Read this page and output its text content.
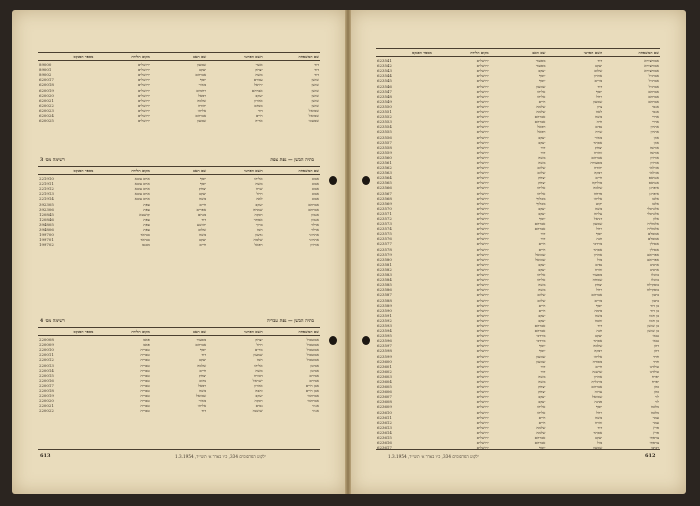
שם המשפחה
השם הפרטי
שם האב
מקום הלידה
מספר הפנקס
דוד
אשר
שמעון
ירושלים
89000
דוד
יצחק
יעקב
ירושלים
89001
דוד
משה
אברהם
ירושלים
89002
שושן
עמרם
יוסף
ירושלים
620017
שושן
יחיאל
מאיר
ירושלים
620018
שושן
אברהם
רחמים
ירושלים
620019
שושן
יעקב
רפאל
ירושלים
620020
שושן
אהרון
שלמה
ירושלים
620021
שושן
מנחם
יהודה
ירושלים
620022
שמואל
דוד
אליהו
ירושלים
620023
שמואל
חיים
אברהם
ירושלים
620024
שמעוני
אריה
שמעון
ירושלים
620025
בתיה הבשן — נפת צפת
רשימה מס׳ 3
שם המשפחה
השם הפרטי
שם האב
מקום הלידה
מספר הפנקס
אבוב
אליהו
יוסף
ארם צובא
221910
אבוב
משה
יוסף
ארם צובא
221911
אבוב
שרה
יצחק
ארם צובא
221912
אבוב
רחל
יעקב
ארם צובא
221913
אבוב
לאה
משה
ארם צובא
221914
אברהם
יעקב
חיים
צפת
392305
אברהם
שמחה
אפרים
צפת
392306
אגמון
רבקה
מנחם
קושטא
120845
אגמון
אסתר
דוד
צפת
120846
אדלר
ברוך
יהושע
צפת
394805
אדלר
חנה
שלום
צפת
394806
אהרוני
גדעון
משה
בגדאד
199700
אהרוני
שלמה
יעקב
בגדאד
199701
אוחיון
רפאל
חיים
מכנס
199702
בתיה הבשן — נפת טבריה
רשימה מס׳ 4
שם המשפחה
השם הפרטי
שם האב
מקום הלידה
מספר הפנקס
אבוטבול
יצחק
מסעוד
פאס
220008
אבוטבול
רחל
אברהם
פאס
220009
אבוטבול
מרים
יוסף
טבריה
220010
אבוטבול
שמעון
דוד
טבריה
220011
אבוטבול
חנה
יעקב
טבריה
220012
אביטן
אליהו
שלמה
טבריה
220013
אביטן
משה
חיים
טבריה
220014
אבירם
דבורה
יצחק
טבריה
220015
אבירם
ישראל
נחום
טבריה
220016
אבן חיים
אהרון
רפאל
טבריה
220017
אבן חיים
זהבה
משה
טבריה
220018
אברהמי
יעקב
שמואל
טבריה
220019
אברהמי
רבקה
מאיר
טבריה
220020
אגוזי
נסים
אליהו
טבריה
220021
אגוזי
שושנה
דוד
טבריה
220022
613	ילקוט הפרסומים 334, כ״ו באדר א׳ תשי״ד, 1.3.1954
שם המשפחה
השם הפרטי
שם האב
מקום הלידה
מספר הפנקס
אבוחצירא
דוד
מסעוד
ירושלים
623541
אבוחצירא
יעקב
מסעוד
ירושלים
623542
אבוחצירא
שלום
יעקב
ירושלים
623543
אברגיל
אהרון
יוסף
ירושלים
623544
אברגיל
מרים
יוסף
ירושלים
623545
אברגיל
דוד
שמעון
ירושלים
623546
אברהם
יוסף
אליהו
ירושלים
623547
אברהם
רחל
אליהו
ירושלים
623548
אברהם
שמעון
חיים
ירושלים
623549
אגסי
ציון
שלמה
ירושלים
623550
אגסי
לאה
שלמה
ירושלים
623551
אדרי
משה
אברהם
ירושלים
623552
אדרי
חיה
אברהם
ירושלים
623553
אהרון
נסים
רפאל
ירושלים
623554
אהרון
שרה
רפאל
ירושלים
623555
אוזן
מאיר
יעקב
ירושלים
623556
אוזן
אסתר
יעקב
ירושלים
623557
אוחנה
יצחק
דוד
ירושלים
623558
אוחנה
זוהרה
דוד
ירושלים
623559
אוחיון
אברהם
משה
ירושלים
623560
אוחיון
מסעודה
משה
ירושלים
623561
אזולאי
יהודה
שלום
ירושלים
623562
אזולאי
רבקה
שלום
ירושלים
623563
אטיאס
חיים
יצחק
ירושלים
623564
אטיאס
סוליקה
יצחק
ירושלים
623565
איפרגן
שלמה
אליהו
ירושלים
623566
איפרגן
פרחה
אליהו
ירושלים
623567
אלבז
אליהו
מכלוף
ירושלים
623568
אלבז
יקוט
מכלוף
ירושלים
623569
אלגרבלי
משה
יעקב
ירושלים
623570
אלגרבלי
עליזה
יעקב
ירושלים
623571
אלון
דניאל
יוסף
ירושלים
623572
אלמליח
שמעון
אברהם
ירושלים
623573
אלמליח
רחל
אברהם
ירושלים
623574
אמסלם
יוסף
דוד
ירושלים
623575
אמסלם
חנה
דוד
ירושלים
623576
אסולין
מרדכי
חיים
ירושלים
623577
אסולין
אסתר
חיים
ירושלים
623578
אפריאט
אהרון
שמואל
ירושלים
623579
אפריאט
מזל
שמואל
ירושלים
623580
ארביב
נסים
יעקב
ירושלים
623581
ארביב
זהרה
יעקב
ירושלים
623582
בוזגלו
מסעוד
אליהו
ירושלים
623583
בוזגלו
שמחה
אליהו
ירושלים
623584
בוסקילה
יצחק
משה
ירושלים
623585
בוסקילה
רחל
משה
ירושלים
623586
ביטון
אברהם
שלום
ירושלים
623587
ביטון
מרים
שלום
ירושלים
623588
בן דוד
יוסף
חיים
ירושלים
623589
בן דוד
סימה
חיים
ירושלים
623590
בן חמו
משה
יעקב
ירושלים
623591
בן חמו
זהבה
יעקב
ירושלים
623592
בן שושן
דוד
אברהם
ירושלים
623593
בן שושן
חנה
אברהם
ירושלים
623594
גבאי
יעקב
מרדכי
ירושלים
623595
גבאי
אסתר
מרדכי
ירושלים
623596
דהן
שלמה
יוסף
ירושלים
623597
דהן
רבקה
יוסף
ירושלים
623598
חדד
אליהו
שמעון
ירושלים
623599
חדד
מסודה
שמעון
ירושלים
623600
טולדנו
חיים
דוד
ירושלים
623601
טולדנו
שושנה
דוד
ירושלים
623602
יפרח
אהרון
משה
ירושלים
623603
יפרח
מרגלית
משה
ירושלים
623604
כהן
אברהם
יצחק
ירושלים
623605
כהן
עזיזה
יצחק
ירושלים
623606
לוי
שמואל
יעקב
ירושלים
623607
לוי
פנינה
יעקב
ירושלים
623608
מלכה
יוסף
אליהו
ירושלים
623609
מלכה
רחל
אליהו
ירושלים
623610
עמר
משה
חיים
ירושלים
623611
עמר
זהרה
חיים
ירושלים
623612
פרץ
דוד
שלמה
ירושלים
623613
פרץ
אסתר
שלמה
ירושלים
623614
צרפתי
יעקב
אברהם
ירושלים
623615
צרפתי
מזל
אברהם
ירושלים
623616
רביבו
שמעון
יוסף
ירושלים
623617
ילקוט הפרסומים 334, כ״ו באדר א׳ תשי״ד, 1.3.1954	612
